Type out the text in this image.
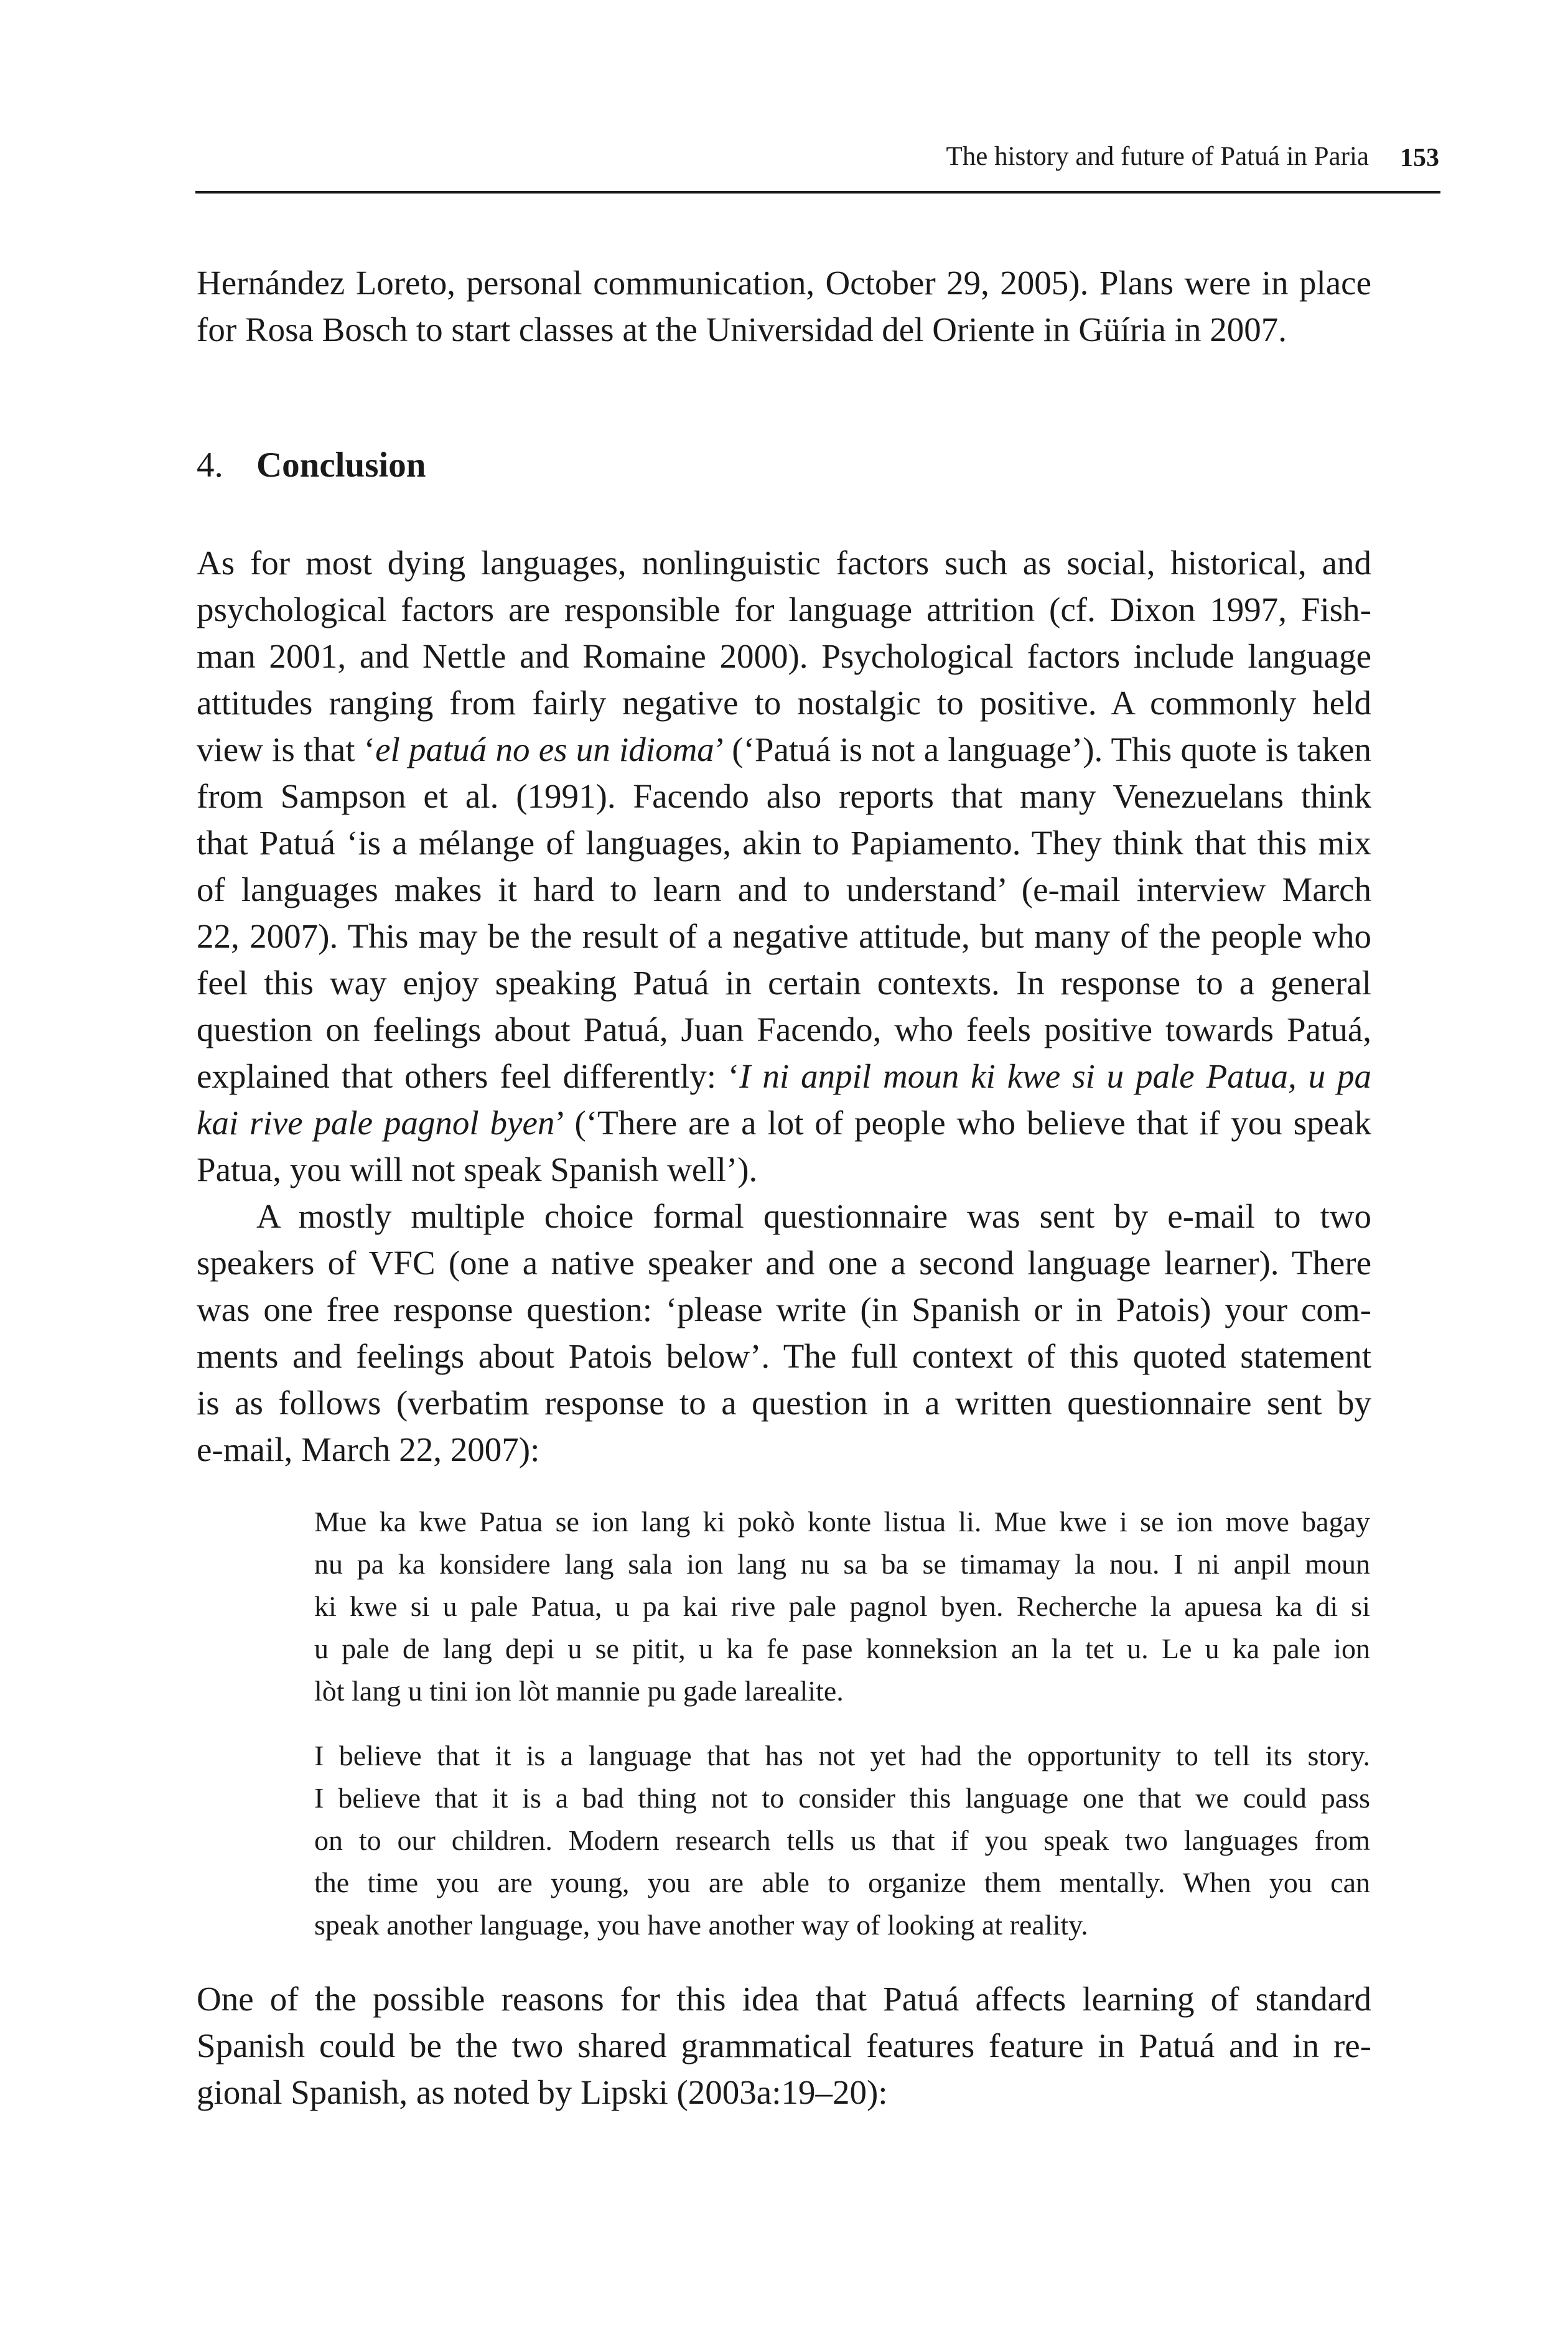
The history and future of Patuá in Paria 153
Hernández Loreto, personal communication, October 29, 2005). Plans were in place
for Rosa Bosch to start classes at the Universidad del Oriente in Güíria in 2007.
4. Conclusion
As for most dying languages, nonlinguistic factors such as social, historical, and
psychological factors are responsible for language attrition (cf. Dixon 1997, Fish-
man 2001, and Nettle and Romaine 2000). Psychological factors include language
attitudes ranging from fairly negative to nostalgic to positive. A commonly held
view is that ‘el patuá no es un idioma’ (‘Patuá is not a language’). This quote is taken
from Sampson et al. (1991). Facendo also reports that many Venezuelans think
that Patuá ‘is a mélange of languages, akin to Papiamento. They think that this mix
of languages makes it hard to learn and to understand’ (e-mail interview March
22, 2007). This may be the result of a negative attitude, but many of the people who
feel this way enjoy speaking Patuá in certain contexts. In response to a general
question on feelings about Patuá, Juan Facendo, who feels positive towards Patuá,
explained that others feel differently: ‘I ni anpil moun ki kwe si u pale Patua, u pa
kai rive pale pagnol byen’ (‘There are a lot of people who believe that if you speak
Patua, you will not speak Spanish well’).
A mostly multiple choice formal questionnaire was sent by e-mail to two
speakers of VFC (one a native speaker and one a second language learner). There
was one free response question: ‘please write (in Spanish or in Patois) your com-
ments and feelings about Patois below’. The full context of this quoted statement
is as follows (verbatim response to a question in a written questionnaire sent by
e-mail, March 22, 2007):
Mue ka kwe Patua se ion lang ki pokò konte listua li. Mue kwe i se ion move bagay
nu pa ka konsidere lang sala ion lang nu sa ba se timamay la nou. I ni anpil moun
ki kwe si u pale Patua, u pa kai rive pale pagnol byen. Recherche la apuesa ka di si
u pale de lang depi u se pitit, u ka fe pase konneksion an la tet u. Le u ka pale ion
lòt lang u tini ion lòt mannie pu gade larealite.
I believe that it is a language that has not yet had the opportunity to tell its story.
I believe that it is a bad thing not to consider this language one that we could pass
on to our children. Modern research tells us that if you speak two languages from
the time you are young, you are able to organize them mentally. When you can
speak another language, you have another way of looking at reality.
One of the possible reasons for this idea that Patuá affects learning of standard
Spanish could be the two shared grammatical features feature in Patuá and in re-
gional Spanish, as noted by Lipski (2003a:19–20):
